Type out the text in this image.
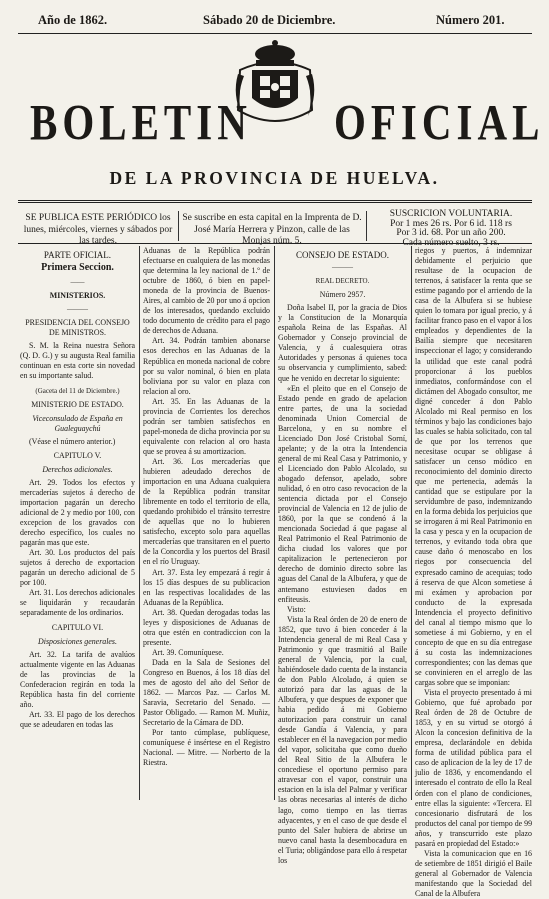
Año de 1862.	Sábado 20 de Diciembre.	Número 201.
BOLETIN OFICIAL
DE LA PROVINCIA DE HUELVA.
SE PUBLICA ESTE PERIÓDICO los lunes, miércoles, viernes y sábados por las tardes.
Se suscribe en esta capital en la Imprenta de D. José María Herrera y Pinzon, calle de las Monjas núm. 5.
SUSCRICION VOLUNTARIA.
Por 1 mes 26 rs. Por 6 id. 118 rs
Por 3 id. 68. Por un año 200.
Cada número suelto, 3 rs.
PARTE OFICIAL.
Primera Seccion.
——
MINISTERIOS.
———
PRESIDENCIA DEL CONSEJO DE MINISTROS.

S. M. la Reina nuestra Señora (Q. D. G.) y su augusta Real familia continuan en esta corte sin novedad en su importante salud.

(Gaceta del 11 de Diciembre.)
MINISTERIO DE ESTADO.
Viceconsulado de España en Gualeguaychú

(Véase el número anterior.)

CAPITULO V.
Derechos adicionales.

Art. 29. Todos los efectos y mercaderías sujetos á derecho de importacion pagarán un derecho adicional de 2 y medio por 100, con excepcion de los gravados con derecho específico, los cuales no pagarán mas que este.

Art. 30. Los productos del país sujetos á derecho de exportacion pagarán un derecho adicional de 5 por 100.

Art. 31. Los derechos adicionales se liquidarán y recaudarán separadamente de los ordinarios.

CAPITULO VI.
Disposiciones generales.

Art. 32. La tarifa de avalúos actualmente vigente en las Aduanas de las provincias de la Confederacion regirán en toda la República hasta fin del corriente año.

Art. 33. El pago de los derechos que se adeudaren en todas las

Aduanas de la República podrán efectuarse en cualquiera de las monedas que determina la ley nacional de 1.º de octubre de 1860, ó bien en papel-moneda de la provincia de Buenos-Aires, al cambio de 20 por uno á opcion de los interesados, quedando excluido todo documento de crédito para el pago de derechos de Aduana.

Art. 34. Podrán tambien abonarse esos derechos en las Aduanas de la República en moneda nacional de cobre por su valor nominal, ó bien en plata boliviana por su valor en plaza con relacion al oro.

Art. 35. En las Aduanas de la provincia de Corrientes los derechos podrán ser tambien satisfechos en papel-moneda de dicha provincia por su equivalente con relacion al oro hasta que se provea á su amortizacion.

Art. 36. Los mercaderías que hubieren adeudado derechos de importacion en una Aduana cualquiera de la República podrán transitar libremente en todo el territorio de ella, quedando prohibido el tránsito terrestre de aquellas que no lo hubieren satisfecho, excepto solo para aquellas mercaderías que transitaren en el puerto de la Concordia y los puertos del Brasil en el río Uruguay.

Art. 37. Esta ley empezará á regir á los 15 días despues de su publicacion en las respectivas localidades de las Aduanas de la República.

Art. 38. Quedan derogadas todas las leyes y disposiciones de Aduanas de otra que estén en contradiccion con la presente.

Art. 39. Comuníquese.

Dada en la Sala de Sesiones del Congreso en Buenos, á los 18 días del mes de agosto del año del Señor de 1862. — Marcos Paz. — Carlos M. Saravia, Secretario del Senado. — Pastor Obligado. — Ramon M. Muñiz, Secretario de la Cámara de DD.

Por tanto cúmplase, publíquese, comuníquese é insértese en el Registro Nacional. — Mitre. — Norberto de la Riestra.

CONSEJO DE ESTADO.
———
REAL DECRETO.
Número 2957.

Doña Isabel II, por la gracia de Dios y la Constitucion de la Monarquía española Reina de las Españas. Al Gobernador y Consejo provincial de Valencia, y á cualesquiera otras Autoridades y personas á quienes toca su observancia y cumplimiento, sabed: que he venido en decretar lo siguiente:

«En el pleito que en el Consejo de Estado pende en grado de apelacion entre partes, de una la sociedad denominada Union Comercial de Barcelona, y en su nombre el Licenciado Don José Cristobal Sorní, apelante; y de la otra la Intendencia general de mi Real Casa y Patrimonio, y el Licenciado don Pablo Alcolado, su abogado defensor, apelado, sobre nulidad, ó en otro caso revocacion de la sentencia dictada por el Consejo provincial de Valencia en 12 de julio de 1860, por la que se condenó á la mencionada Sociedad á que pagase al Real Patrimonio el Real Patrimonio de dicha ciudad los valores que por capitalizacion le pertenecieron por derecho de dominio directo sobre las aguas del Canal de la Albufera, y que de antemano estuviesen dados en enfiteusis.

Visto:

Vista la Real órden de 20 de enero de 1852, que tuvo á bien conceder á la Intendencia general de mi Real Casa y Patrimonio y que trasmitió al Baile general de Valencia, por la cual, habiéndosele dado cuenta de la instancia de don Pablo Alcolado, á quien se autorizó para dar las aguas de la Albufera, y que despues de exponer que habia pedido á mi Gobierno autorizacion para construir un canal desde Gandía á Valencia, y para establecer en él la navegacion por medio del vapor, solicitaba que como dueño del Real Sitio de la Albufera le concediese el oportuno permiso para atravesar con el vapor, construir una estacion en la isla del Palmar y verificar las obras necesarias al interés de dicho lago, como tiempo en las tierras adyacentes, y en el caso de que desde el punto del Saler hubiera de abrirse un nuevo canal hasta la desembocadura en el Turia; obligándose para ello á respetar los

riegos y puertos, á indemnizar debidamente el perjuicio que resultase de la ocupacion de terrenos, á satisfacer la renta que se estime pagando por el arriendo de la casa de la Albufera si se hubiese quien lo tomara por igual precio, y á facilitar franco paso en el vapor á los empleados y dependientes de la Bailía siempre que necesitaren inspeccionar el lago; y considerando la utilidad que este canal podrá proporcionar á los pueblos inmediatos, conformándose con el dictámen del Abogado consultor, me digné conceder á don Pablo Alcolado mi Real permiso en los términos y bajo las condiciones bajo las cuales se habia solicitado, con tal de que por los terrenos que necesitase ocupar se obligase á satisfacer un censo módico en reconocimiento del dominio directo que me pertenecia, además la cantidad que se estipulare por la servidumbre de paso, indemnizando en la forma debida los perjuicios que se irrogaren á mi Real Patrimonio en la casa y pesca y en la ocupacion de terrenos, y evitando toda obra que cause daño ó menoscabo en los riegos por consecuencia del expresado camino de acequias; todo á reserva de que Alcon sometiese á mi exámen y aprobacion por conducto de la expresada Intendencia el proyecto definitivo del canal al tiempo mismo que lo sometiese á mi Gobierno, y en el concepto de que en su día entregase á su costa las indemnizaciones correspondientes; con las demas que se convinieren en el arreglo de las cargas sobre que se imponian:

Vista el proyecto presentado á mi Gobierno, que fué aprobado por Real órden de 28 de Octubre de 1853, y en su virtud se otorgó á Alcon la concesion definitiva de la empresa, declarándole en debida forma de utilidad pública para el caso de aplicacion de la ley de 17 de julio de 1836, y encomendando el interesado el contrato de ello la Real órden con el plano de condiciones, entre ellas la siguiente: «Tercera. El concesionario disfrutará de los productos del canal por tiempo de 99 años, y transcurrido este plazo pasará en propiedad del Estado:»

Vista la comunicacion que en 16 de setiembre de 1851 dirigió el Baile general al Gobernador de Valencia manifestando que la Sociedad del Canal de la Albufera
